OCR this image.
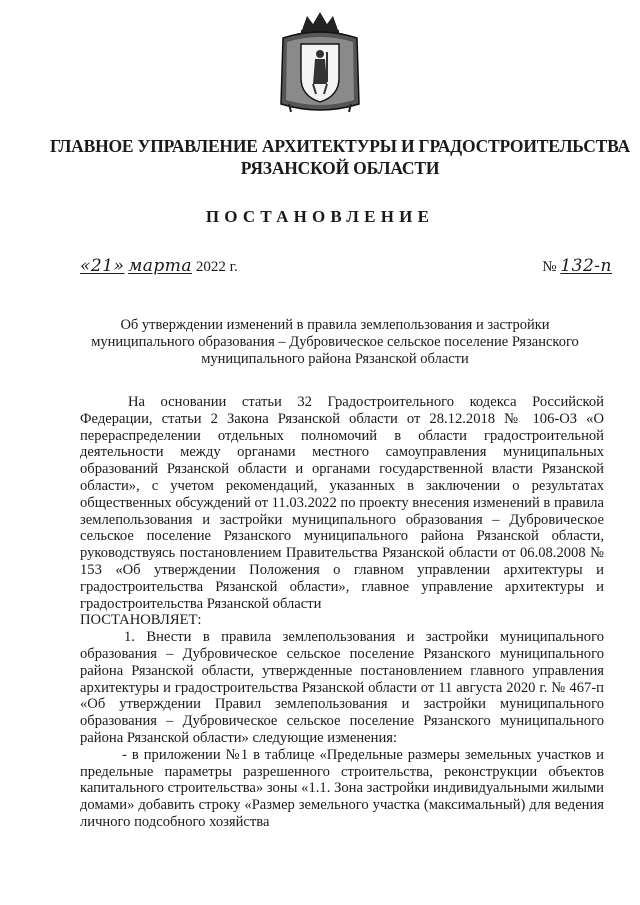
ГЛАВНОЕ УПРАВЛЕНИЕ АРХИТЕКТУРЫ И ГРАДОСТРОИТЕЛЬСТВА
РЯЗАНСКОЙ ОБЛАСТИ
ПОСТАНОВЛЕНИЕ
«21» марта 2022 г.	№ 132-п
Об утверждении изменений в правила землепользования и застройки муниципального образования – Дубровическое сельское поселение Рязанского муниципального района Рязанской области

На основании статьи 32 Градостроительного кодекса Российской Федерации, статьи 2 Закона Рязанской области от 28.12.2018 № 106-ОЗ «О перераспределении отдельных полномочий в области градостроительной деятельности между органами местного самоуправления муниципальных образований Рязанской области и органами государственной власти Рязанской области», с учетом рекомендаций, указанных в заключении о результатах общественных обсуждений от 11.03.2022 по проекту внесения изменений в правила землепользования и застройки муниципального образования – Дубровическое сельское поселение Рязанского муниципального района Рязанской области, руководствуясь постановлением Правительства Рязанской области от 06.08.2008 № 153 «Об утверждении Положения о главном управлении архитектуры и градостроительства Рязанской области», главное управление архитектуры и градостроительства Рязанской области

ПОСТАНОВЛЯЕТ:

1. Внести в правила землепользования и застройки муниципального образования – Дубровическое сельское поселение Рязанского муниципального района Рязанской области, утвержденные постановлением главного управления архитектуры и градостроительства Рязанской области от 11 августа 2020 г. № 467-п «Об утверждении Правил землепользования и застройки муниципального образования – Дубровическое сельское поселение Рязанского муниципального района Рязанской области» следующие изменения:

- в приложении №1 в таблице «Предельные размеры земельных участков и предельные параметры разрешенного строительства, реконструкции объектов капитального строительства» зоны «1.1. Зона застройки индивидуальными жилыми домами» добавить строку «Размер земельного участка (максимальный) для ведения личного подсобного хозяйства
